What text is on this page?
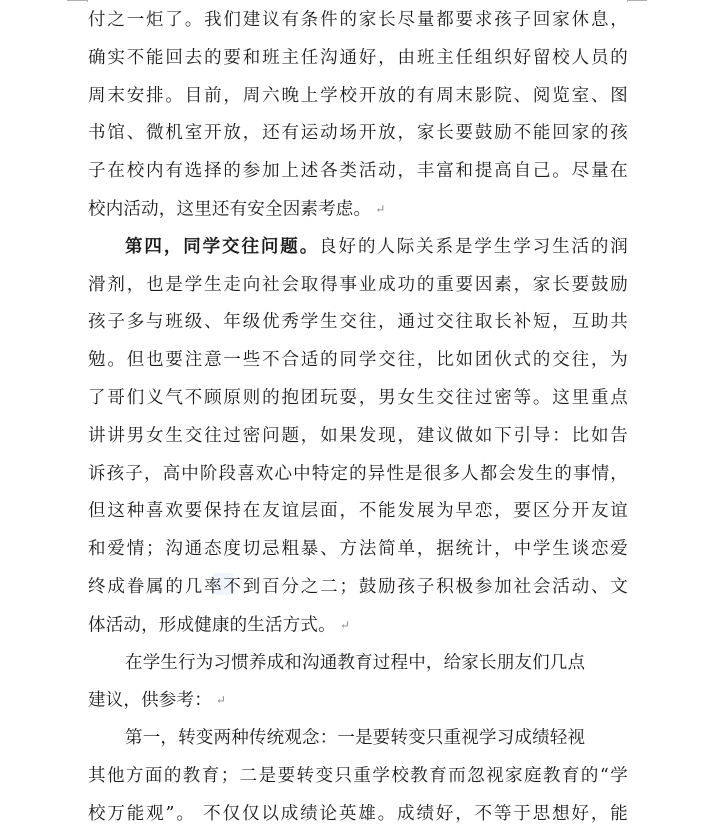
付之一炬了。我们建议有条件的家长尽量都要求孩子回家休息，
确实不能回去的要和班主任沟通好，由班主任组织好留校人员的
周末安排。目前，周六晚上学校开放的有周末影院、阅览室、图
书馆、微机室开放，还有运动场开放，家长要鼓励不能回家的孩
子在校内有选择的参加上述各类活动，丰富和提高自己。尽量在
校内活动，这里还有安全因素考虑。 ↵
第四，同学交往问题。良好的人际关系是学生学习生活的润
滑剂，也是学生走向社会取得事业成功的重要因素，家长要鼓励
孩子多与班级、年级优秀学生交往，通过交往取长补短，互助共
勉。但也要注意一些不合适的同学交往，比如团伙式的交往，为
了哥们义气不顾原则的抱团玩耍，男女生交往过密等。这里重点
讲讲男女生交往过密问题，如果发现，建议做如下引导：比如告
诉孩子，高中阶段喜欢心中特定的异性是很多人都会发生的事情，
但这种喜欢要保持在友谊层面，不能发展为早恋，要区分开友谊
和爱情；沟通态度切忌粗暴、方法简单，据统计，中学生谈恋爱
终成眷属的几率不到百分之二；鼓励孩子积极参加社会活动、文
体活动，形成健康的生活方式。 ↵
在学生行为习惯养成和沟通教育过程中，给家长朋友们几点
建议，供参考： ↵
第一，转变两种传统观念：一是要转变只重视学习成绩轻视
其他方面的教育；二是要转变只重学校教育而忽视家庭教育的“学
校万能观”。 不仅仅以成绩论英雄。成绩好，不等于思想好，能
